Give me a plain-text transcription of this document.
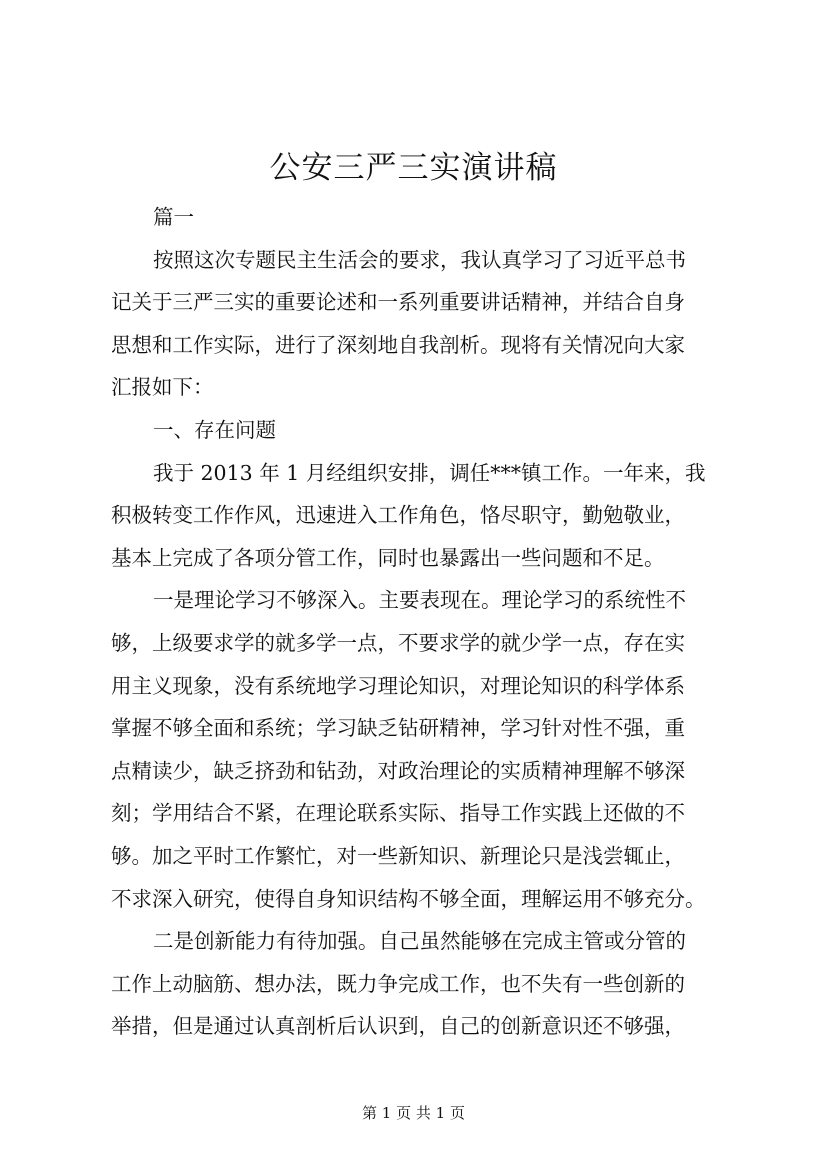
公安三严三实演讲稿

篇一

按照这次专题民主生活会的要求，我认真学习了习近平总书

记关于三严三实的重要论述和一系列重要讲话精神，并结合自身

思想和工作实际，进行了深刻地自我剖析。现将有关情况向大家

汇报如下：

一、存在问题

我于 2013 年 1 月经组织安排，调任***镇工作。一年来，我

积极转变工作作风，迅速进入工作角色，恪尽职守，勤勉敬业，

基本上完成了各项分管工作，同时也暴露出一些问题和不足。

一是理论学习不够深入。主要表现在。理论学习的系统性不

够，上级要求学的就多学一点，不要求学的就少学一点，存在实

用主义现象，没有系统地学习理论知识，对理论知识的科学体系

掌握不够全面和系统；学习缺乏钻研精神，学习针对性不强，重

点精读少，缺乏挤劲和钻劲，对政治理论的实质精神理解不够深

刻；学用结合不紧，在理论联系实际、指导工作实践上还做的不

够。加之平时工作繁忙，对一些新知识、新理论只是浅尝辄止，

不求深入研究，使得自身知识结构不够全面，理解运用不够充分。

二是创新能力有待加强。自己虽然能够在完成主管或分管的

工作上动脑筋、想办法，既力争完成工作，也不失有一些创新的

举措，但是通过认真剖析后认识到，自己的创新意识还不够强，

第 1 页 共 1 页
